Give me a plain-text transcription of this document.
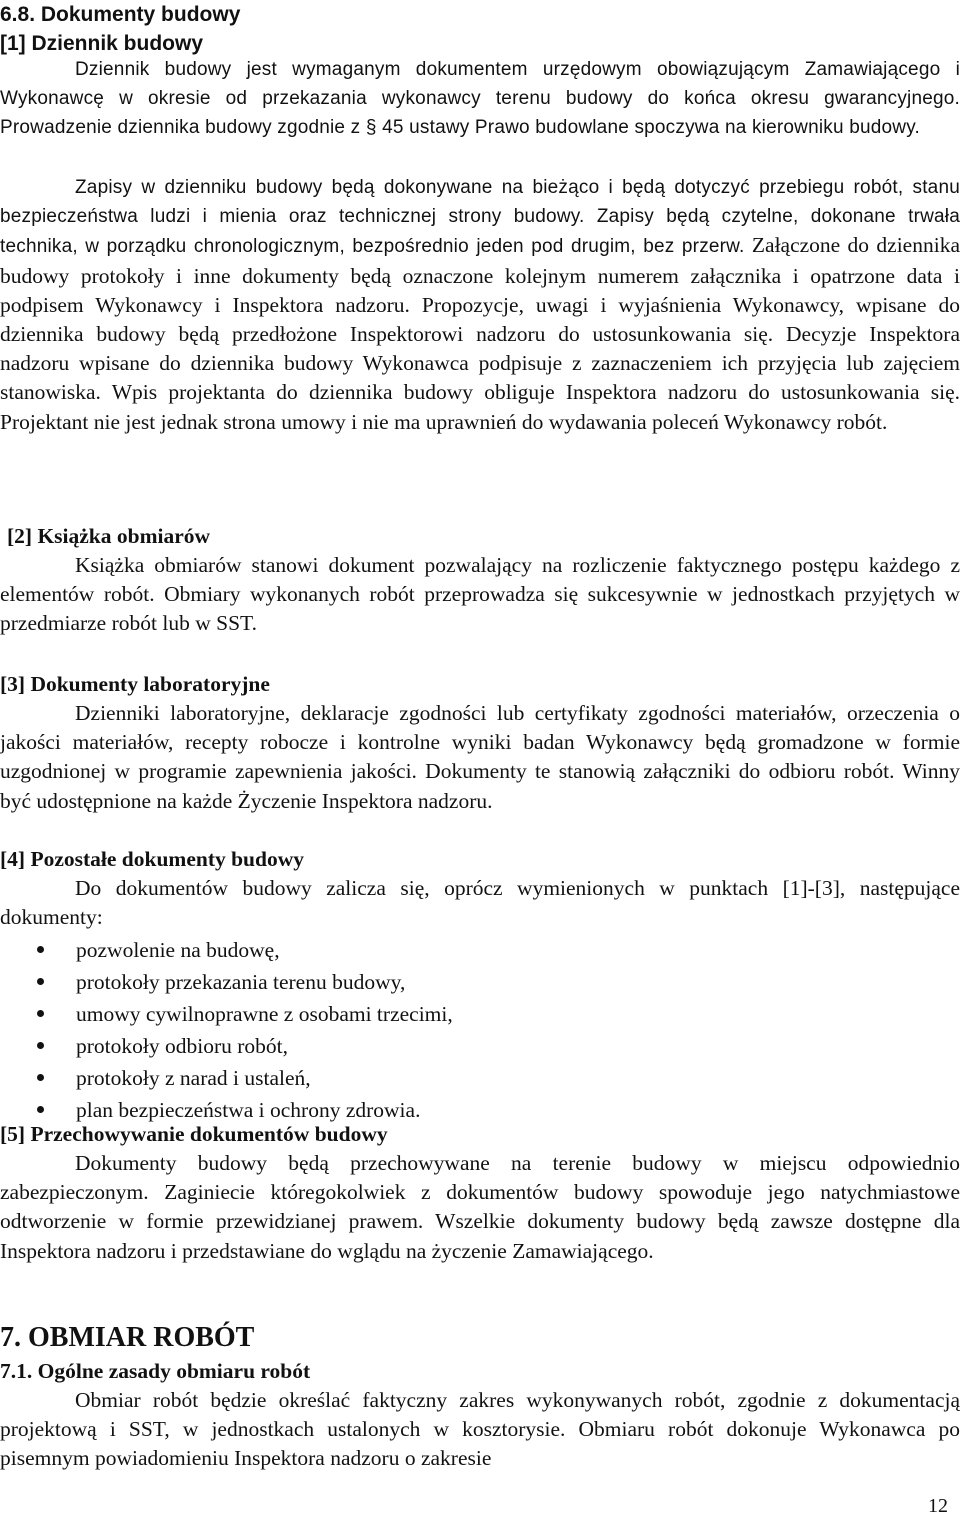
6.8. Dokumenty budowy
[1] Dziennik budowy

Dziennik budowy jest wymaganym dokumentem urzędowym obowiązującym Zamawiającego i Wykonawcę w okresie od przekazania wykonawcy terenu budowy do końca okresu gwarancyjnego. Prowadzenie dziennika budowy zgodnie z § 45 ustawy Prawo budowlane spoczywa na kierowniku budowy.

Zapisy w dzienniku budowy będą dokonywane na bieżąco i będą dotyczyć przebiegu robót, stanu bezpieczeństwa ludzi i mienia oraz technicznej strony budowy. Zapisy będą czytelne, dokonane trwała technika, w porządku chronologicznym, bezpośrednio jeden pod drugim, bez przerw. Załączone do dziennika budowy protokoły i inne dokumenty będą oznaczone kolejnym numerem załącznika i opatrzone data i podpisem Wykonawcy i Inspektora nadzoru. Propozycje, uwagi i wyjaśnienia Wykonawcy, wpisane do dziennika budowy będą przedłożone Inspektorowi nadzoru do ustosunkowania się. Decyzje Inspektora nadzoru wpisane do dziennika budowy Wykonawca podpisuje z zaznaczeniem ich przyjęcia lub zajęciem stanowiska. Wpis projektanta do dziennika budowy obliguje Inspektora nadzoru do ustosunkowania się. Projektant nie jest jednak strona umowy i nie ma uprawnień do wydawania poleceń Wykonawcy robót.

[2] Książka obmiarów

Książka obmiarów stanowi dokument pozwalający na rozliczenie faktycznego postępu każdego z elementów robót. Obmiary wykonanych robót przeprowadza się sukcesywnie w jednostkach przyjętych w przedmiarze robót lub w SST.

[3] Dokumenty laboratoryjne

Dzienniki laboratoryjne, deklaracje zgodności lub certyfikaty zgodności materiałów, orzeczenia o jakości materiałów, recepty robocze i kontrolne wyniki badan Wykonawcy będą gromadzone w formie uzgodnionej w programie zapewnienia jakości. Dokumenty te stanowią załączniki do odbioru robót. Winny być udostępnione na każde Życzenie Inspektora nadzoru.

[4] Pozostałe dokumenty budowy

Do dokumentów budowy zalicza się, oprócz wymienionych w punktach [1]-[3], następujące dokumenty:

pozwolenie na budowę,
protokoły przekazania terenu budowy,
umowy cywilnoprawne z osobami trzecimi,
protokoły odbioru robót,
protokoły z narad i ustaleń,
plan bezpieczeństwa i ochrony zdrowia.
[5] Przechowywanie dokumentów budowy

Dokumenty budowy będą przechowywane na terenie budowy w miejscu odpowiednio zabezpieczonym. Zaginiecie któregokolwiek z dokumentów budowy spowoduje jego natychmiastowe odtworzenie w formie przewidzianej prawem. Wszelkie dokumenty budowy będą zawsze dostępne dla Inspektora nadzoru i przedstawiane do wglądu na życzenie Zamawiającego.

7. OBMIAR ROBÓT
7.1. Ogólne zasady obmiaru robót

Obmiar robót będzie określać faktyczny zakres wykonywanych robót, zgodnie z dokumentacją projektową i SST, w jednostkach ustalonych w kosztorysie. Obmiaru robót dokonuje Wykonawca po pisemnym powiadomieniu Inspektora nadzoru o zakresie

12
